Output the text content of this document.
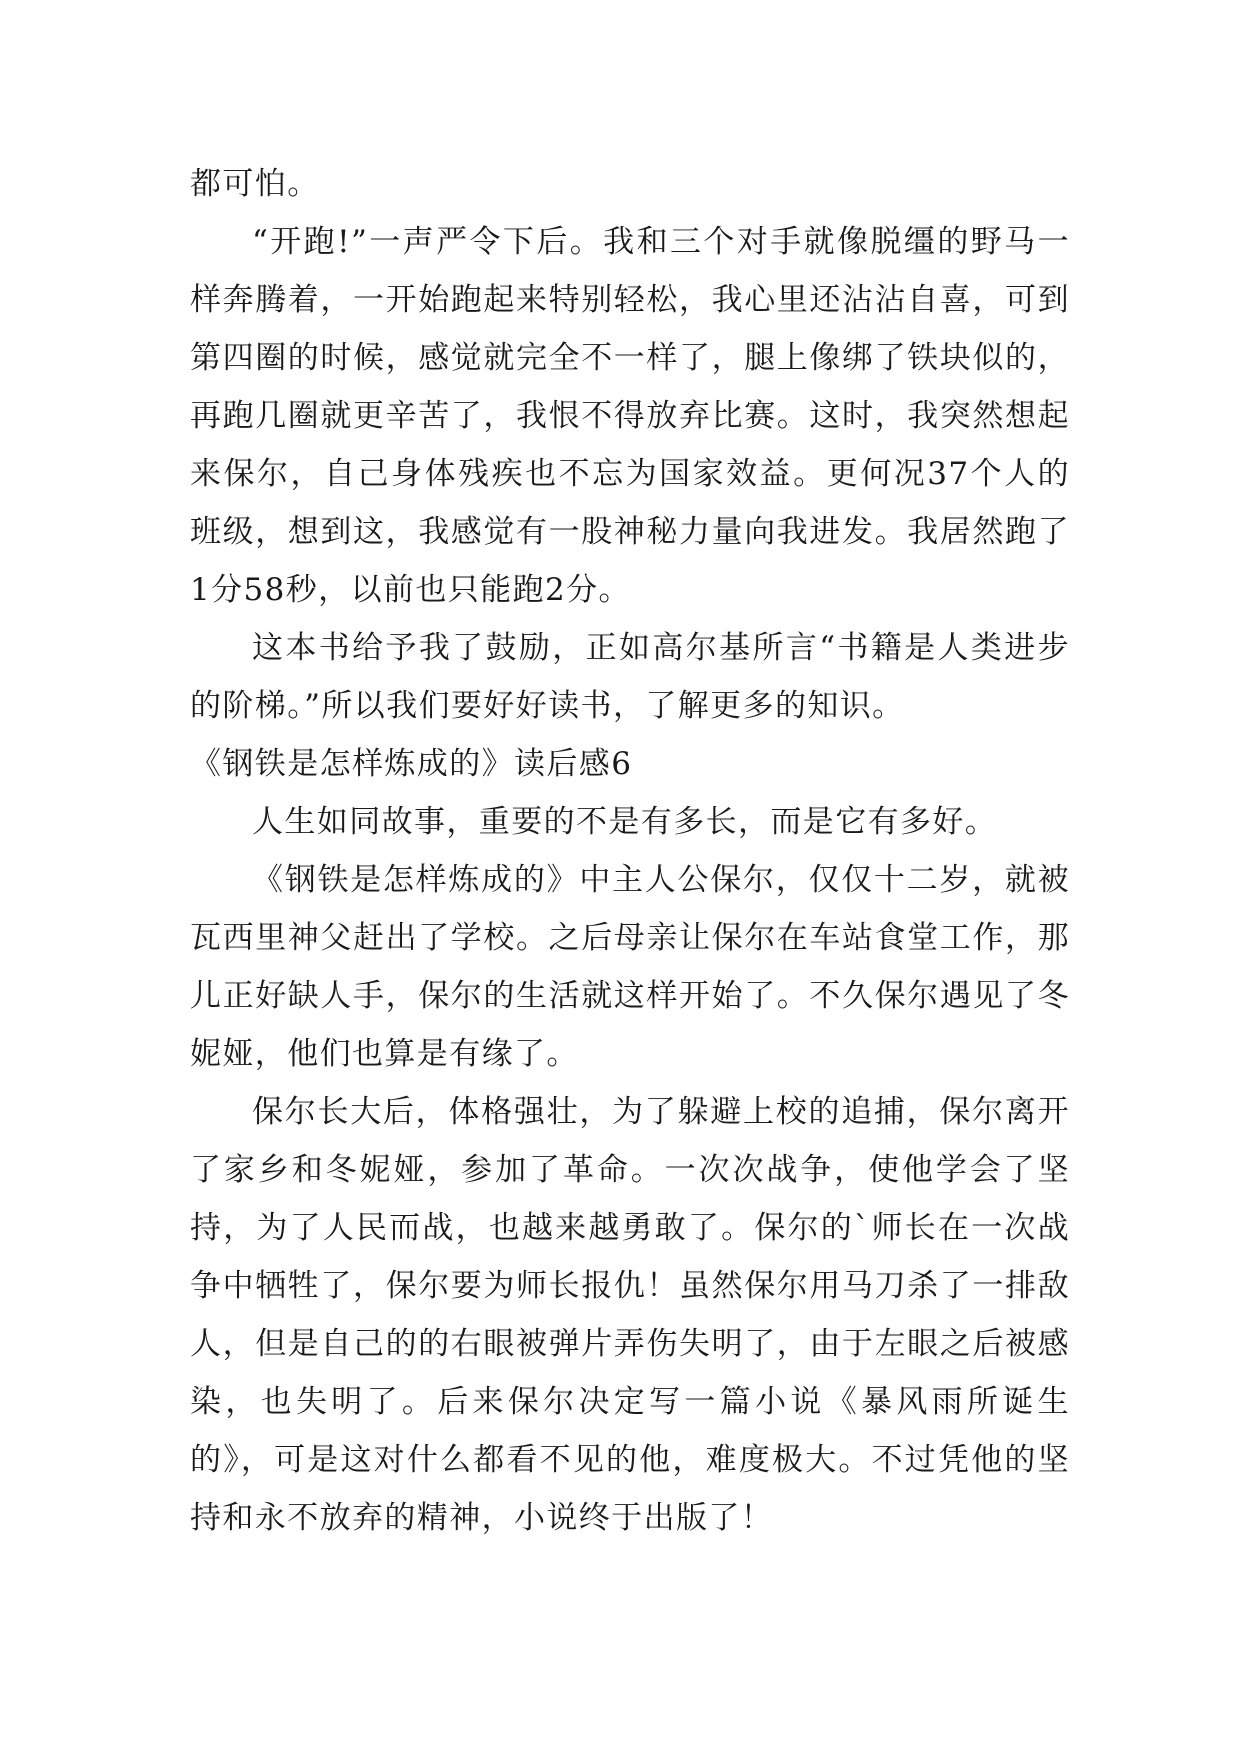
都可怕。

“开跑!”一声严令下后。我和三个对手就像脱缰的野马一样奔腾着，一开始跑起来特别轻松，我心里还沾沾自喜，可到第四圈的时候，感觉就完全不一样了，腿上像绑了铁块似的，再跑几圈就更辛苦了，我恨不得放弃比赛。这时，我突然想起来保尔，自己身体残疾也不忘为国家效益。更何况37个人的班级，想到这，我感觉有一股神秘力量向我进发。我居然跑了1分58秒，以前也只能跑2分。

这本书给予我了鼓励，正如高尔基所言“书籍是人类进步的阶梯。”所以我们要好好读书，了解更多的知识。

《钢铁是怎样炼成的》读后感6

人生如同故事，重要的不是有多长，而是它有多好。

《钢铁是怎样炼成的》中主人公保尔，仅仅十二岁，就被瓦西里神父赶出了学校。之后母亲让保尔在车站食堂工作，那儿正好缺人手，保尔的生活就这样开始了。不久保尔遇见了冬妮娅，他们也算是有缘了。

保尔长大后，体格强壮，为了躲避上校的追捕，保尔离开了家乡和冬妮娅，参加了革命。一次次战争，使他学会了坚持，为了人民而战，也越来越勇敢了。保尔的`师长在一次战争中牺牲了，保尔要为师长报仇！虽然保尔用马刀杀了一排敌人，但是自己的的右眼被弹片弄伤失明了，由于左眼之后被感染，也失明了。后来保尔决定写一篇小说《暴风雨所诞生的》，可是这对什么都看不见的他，难度极大。不过凭他的坚持和永不放弃的精神，小说终于出版了！
